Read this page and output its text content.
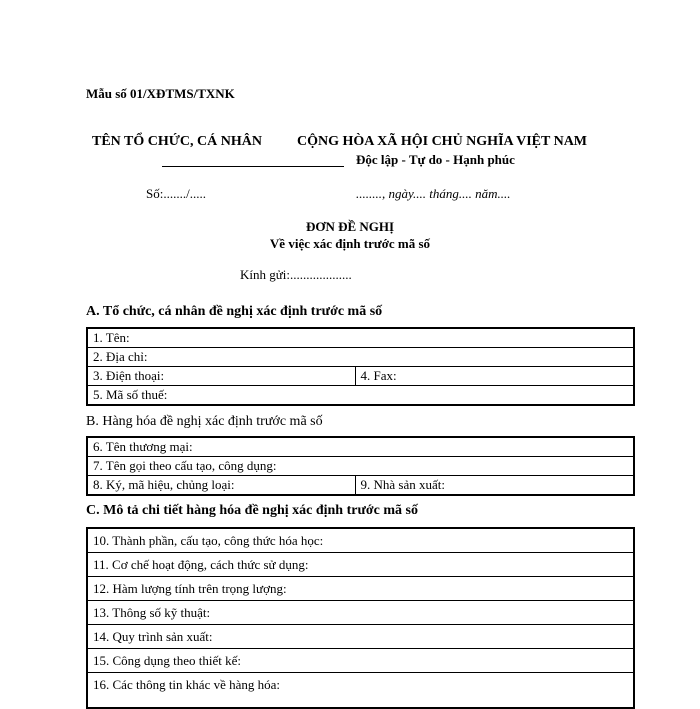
Mẫu số 01/XĐTMS/TXNK
TÊN TỔ CHỨC, CÁ NHÂN	CỘNG HÒA XÃ HỘI CHỦ NGHĨA VIỆT NAM
Độc lập - Tự do - Hạnh phúc
Số:......./.....	........, ngày.... tháng.... năm....
ĐƠN ĐỀ NGHỊ
Về việc xác định trước mã số
Kính gửi:...................
A. Tổ chức, cá nhân đề nghị xác định trước mã số
1. Tên:
2. Địa chỉ:
3. Điện thoại:	4. Fax:
5. Mã số thuế:
B. Hàng hóa đề nghị xác định trước mã số
6. Tên thương mại:
7. Tên gọi theo cấu tạo, công dụng:
8. Ký, mã hiệu, chủng loại:	9. Nhà sản xuất:
C. Mô tả chi tiết hàng hóa đề nghị xác định trước mã số
10. Thành phần, cấu tạo, công thức hóa học:
11. Cơ chế hoạt động, cách thức sử dụng:
12. Hàm lượng tính trên trọng lượng:
13. Thông số kỹ thuật:
14. Quy trình sản xuất:
15. Công dụng theo thiết kế:
16. Các thông tin khác về hàng hóa:
